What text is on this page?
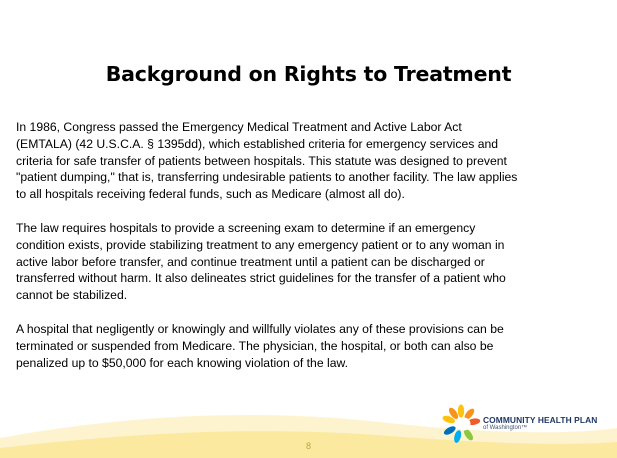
Background on Rights to Treatment

In 1986, Congress passed the Emergency Medical Treatment and Active Labor Act (EMTALA) (42 U.S.C.A. § 1395dd), which established criteria for emergency services and criteria for safe transfer of patients between hospitals. This statute was designed to prevent "patient dumping," that is, transferring undesirable patients to another facility. The law applies to all hospitals receiving federal funds, such as Medicare (almost all do).

The law requires hospitals to provide a screening exam to determine if an emergency condition exists, provide stabilizing treatment to any emergency patient or to any woman in active labor before transfer, and continue treatment until a patient can be discharged or transferred without harm. It also delineates strict guidelines for the transfer of a patient who cannot be stabilized.

A hospital that negligently or knowingly and willfully violates any of these provisions can be terminated or suspended from Medicare. The physician, the hospital, or both can also be penalized up to $50,000 for each knowing violation of the law.

8
COMMUNITY HEALTH PLAN
of Washington™
